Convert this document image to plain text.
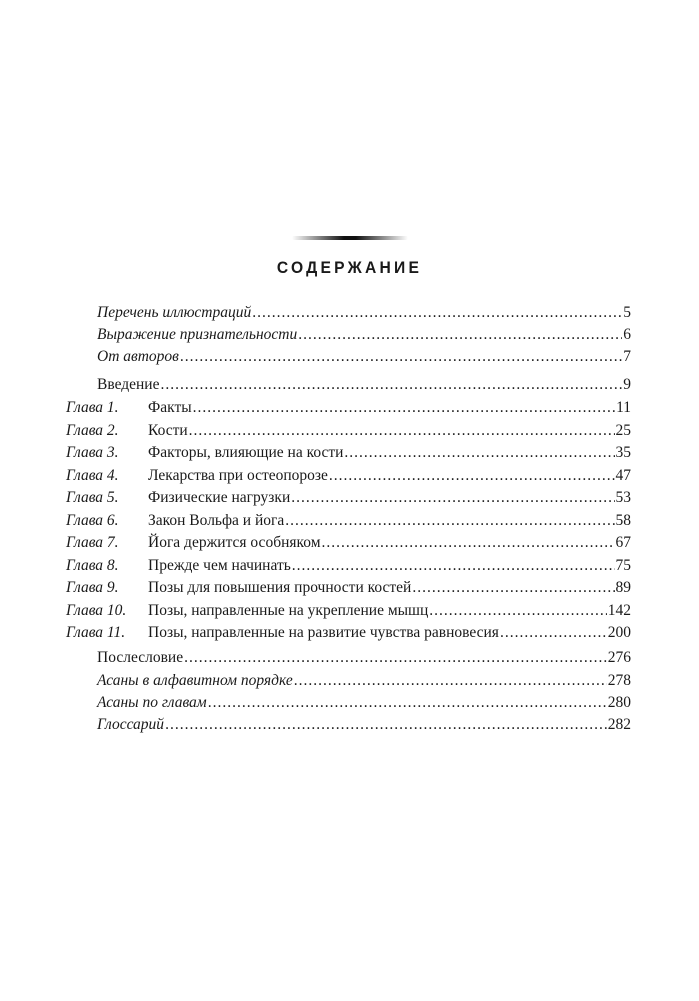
СОДЕРЖАНИЕ
Перечень иллюстраций .....	5
Выражение признательности .....	6
От авторов .....	7
Введение .....	9
Глава 1.	Факты .....	11
Глава 2.	Кости .....	25
Глава 3.	Факторы, влияющие на кости .....	35
Глава 4.	Лекарства при остеопорозе .....	47
Глава 5.	Физические нагрузки .....	53
Глава 6.	Закон Вольфа и йога .....	58
Глава 7.	Йога держится особняком .....	67
Глава 8.	Прежде чем начинать .....	75
Глава 9.	Позы для повышения прочности костей .....	89
Глава 10.	Позы, направленные на укрепление мышц .....	142
Глава 11.	Позы, направленные на развитие чувства равновесия .....	200
Послесловие .....	276
Асаны в алфавитном порядке .....	278
Асаны по главам .....	280
Глоссарий .....	282
